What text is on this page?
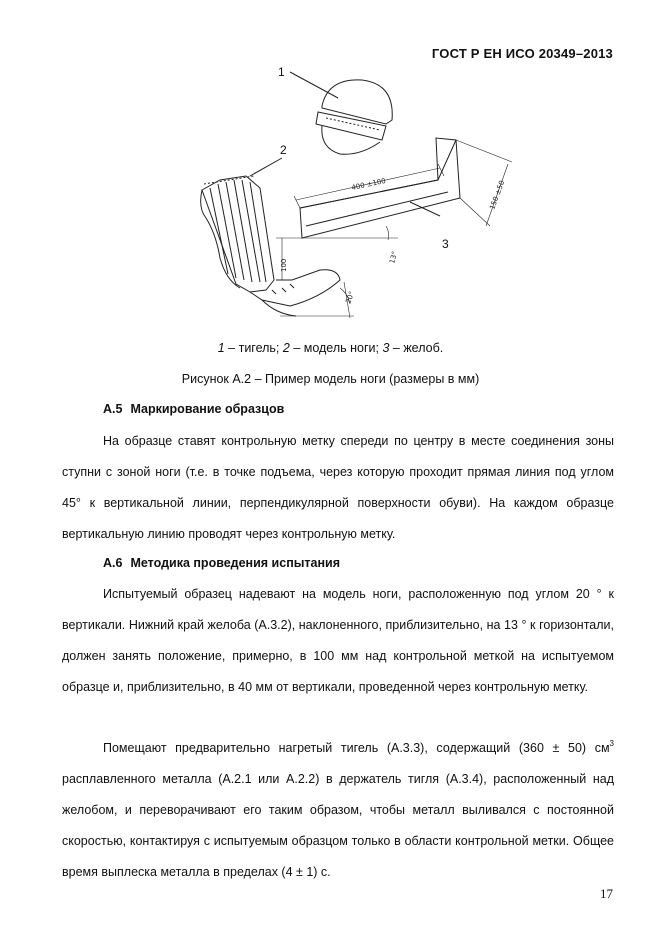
ГОСТ Р ЕН ИСО 20349–2013
1
2
3
400 ±100	150 ±50
100
13°
20°
1 – тигель; 2 – модель ноги; 3 – желоб.
Рисунок А.2 – Пример модель ноги (размеры в мм)
А.5 Маркирование образцов
На образце ставят контрольную метку спереди по центру в месте соединения зоны ступни с зоной ноги (т.е. в точке подъема, через которую проходит прямая линия под углом 45° к вертикальной линии, перпендикулярной поверхности обуви). На каждом образце вертикальную линию проводят через контрольную метку.
А.6 Методика проведения испытания
Испытуемый образец надевают на модель ноги, расположенную под углом 20 ° к вертикали. Нижний край желоба (А.3.2), наклоненного, приблизительно, на 13 ° к горизонтали, должен занять положение, примерно, в 100 мм над контрольной меткой на испытуемом образце и, приблизительно, в 40 мм от вертикали, проведенной через контрольную метку.
Помещают предварительно нагретый тигель (А.3.3), содержащий (360 ± 50) $см^3$ расплавленного металла (А.2.1 или А.2.2) в держатель тигля (А.3.4), расположенный над желобом, и переворачивают его таким образом, чтобы металл выливался с постоянной скоростью, контактируя с испытуемым образцом только в области контрольной метки. Общее время выплеска металла в пределах (4 ± 1) с.
17
